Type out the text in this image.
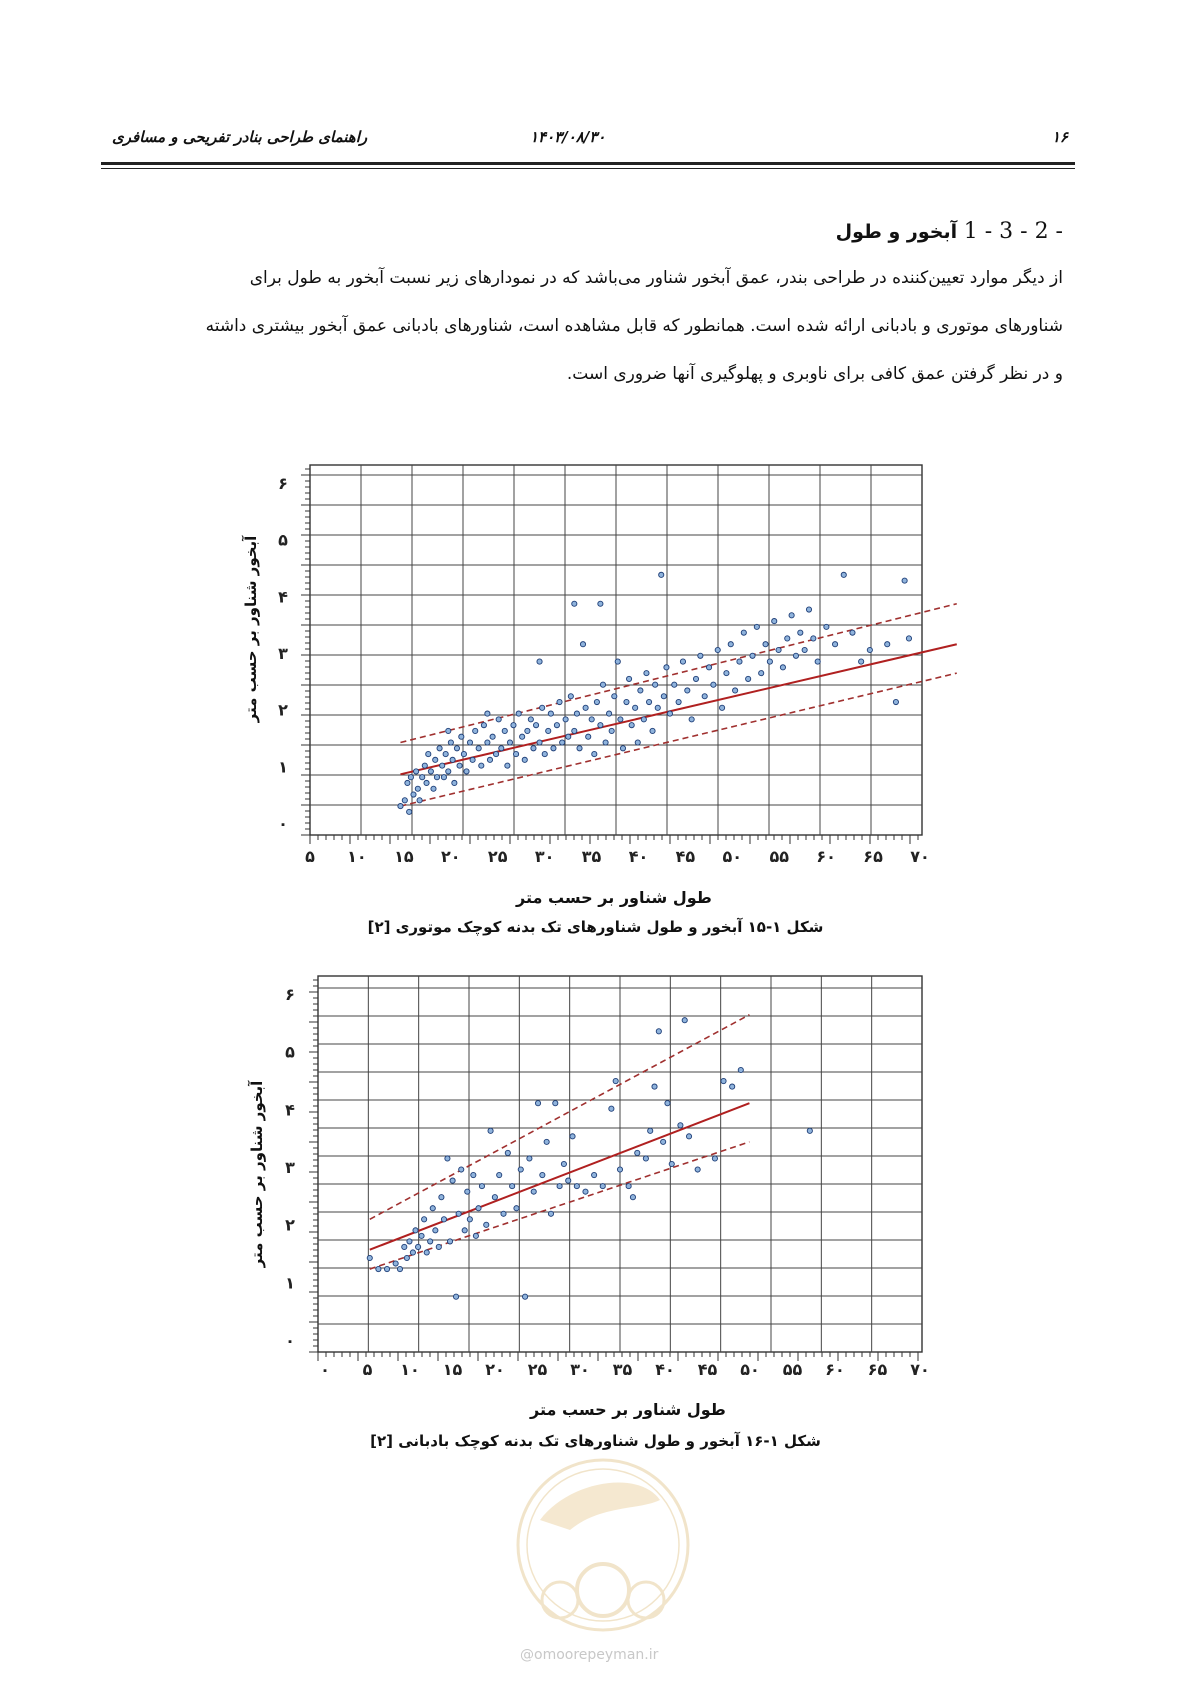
۱۶
۱۴۰۳/۰۸/۳۰
راهنمای طراحی بنادر تفریحی و مسافری
1 - 3 - 2 - آبخور و طول
از دیگر موارد تعیین‌کننده در طراحی بندر، عمق آبخور شناور می‌باشد که در نمودارهای زیر نسبت آبخور به طول برای
شناورهای موتوری و بادبانی ارائه شده است. همانطور که قابل مشاهده است، شناورهای بادبانی عمق آبخور بیشتری داشته
و در نظر گرفتن عمق کافی برای ناوبری و پهلوگیری آنها ضروری است.
۵ ۱۰ ۱۵ ۲۰ ۲۵ ۳۰ ۳۵ ۴۰ ۴۵ ۵۰ ۵۵ ۶۰ ۶۵ ۷۰
۰
۱
۲
۳
۴
۵
۶
۰ ۵ ۱۰ ۱۵ ۲۰ ۲۵ ۳۰ ۳۵ ۴۰ ۴۵ ۵۰ ۵۵ ۶۰ ۶۵ ۷۰
۰
۱
۲
۳
۴
۵
۶
طول شناور بر حسب متر
آبخور شناور بر حسب متر
شکل ۱-۱۵ آبخور و طول شناورهای تک بدنه کوچک موتوری [۲]
طول شناور بر حسب متر
آبخور شناور بر حسب متر
شکل ۱-۱۶ آبخور و طول شناورهای تک بدنه کوچک بادبانی [۲]
@omoorepeyman.ir
